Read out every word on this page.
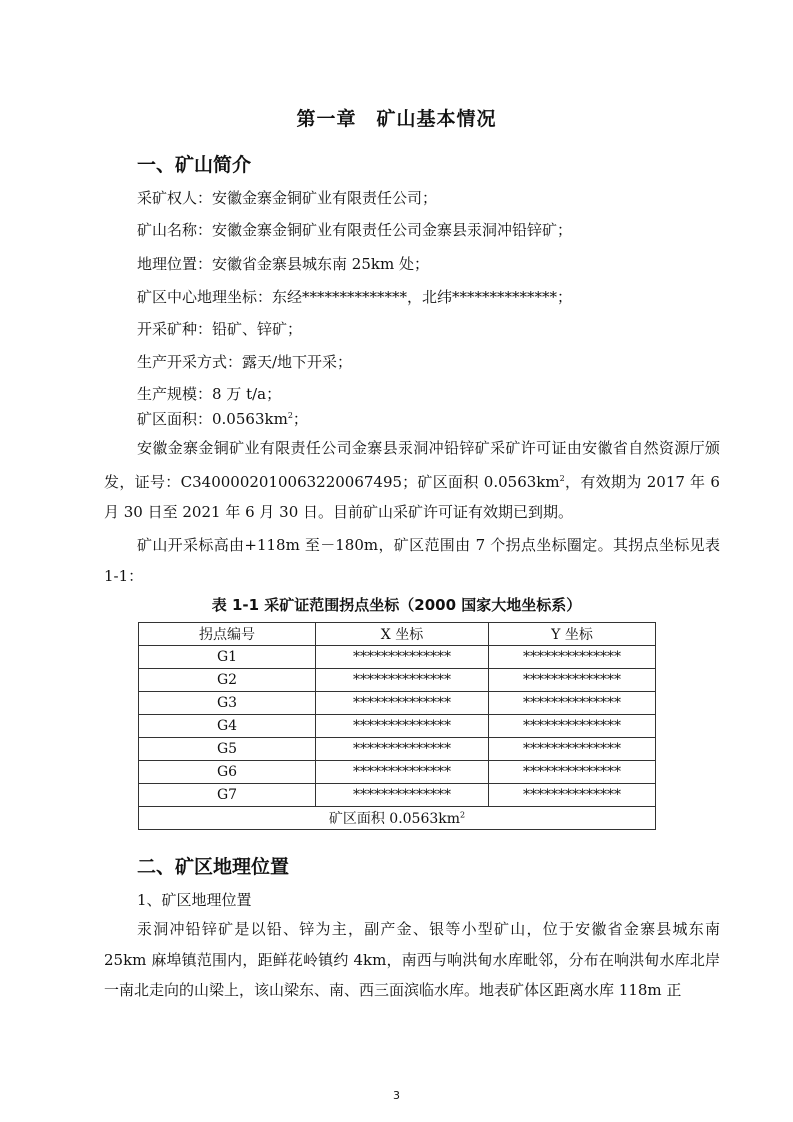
第一章　矿山基本情况
一、矿山简介
采矿权人：安徽金寨金铜矿业有限责任公司；
矿山名称：安徽金寨金铜矿业有限责任公司金寨县汞洞冲铅锌矿；
地理位置：安徽省金寨县城东南 25km 处；
矿区中心地理坐标：东经**************，北纬**************；
开采矿种：铅矿、锌矿；
生产开采方式：露天/地下开采；
生产规模：8 万 t/a；
矿区面积：$0.0563km^2$；
安徽金寨金铜矿业有限责任公司金寨县汞洞冲铅锌矿采矿许可证由安徽省自然资源厅颁发，证号：C3400002010063220067495；矿区面积 $0.0563km^2$，有效期为 2017 年 6 月 30 日至 2021 年 6 月 30 日。目前矿山采矿许可证有效期已到期。
矿山开采标高由+118m 至－180m，矿区范围由 7 个拐点坐标圈定。其拐点坐标见表 1-1：
表 1-1 采矿证范围拐点坐标（2000 国家大地坐标系）
拐点编号	X 坐标	Y 坐标
G1	**************	**************
G2	**************	**************
G3	**************	**************
G4	**************	**************
G5	**************	**************
G6	**************	**************
G7	**************	**************
矿区面积 $0.0563km^2$
二、矿区地理位置
1、矿区地理位置
汞洞冲铅锌矿是以铅、锌为主，副产金、银等小型矿山，位于安徽省金寨县城东南 25km 麻埠镇范围内，距鲜花岭镇约 4km，南西与响洪甸水库毗邻，分布在响洪甸水库北岸一南北走向的山梁上，该山梁东、南、西三面滨临水库。地表矿体区距离水库 118m 正
3
